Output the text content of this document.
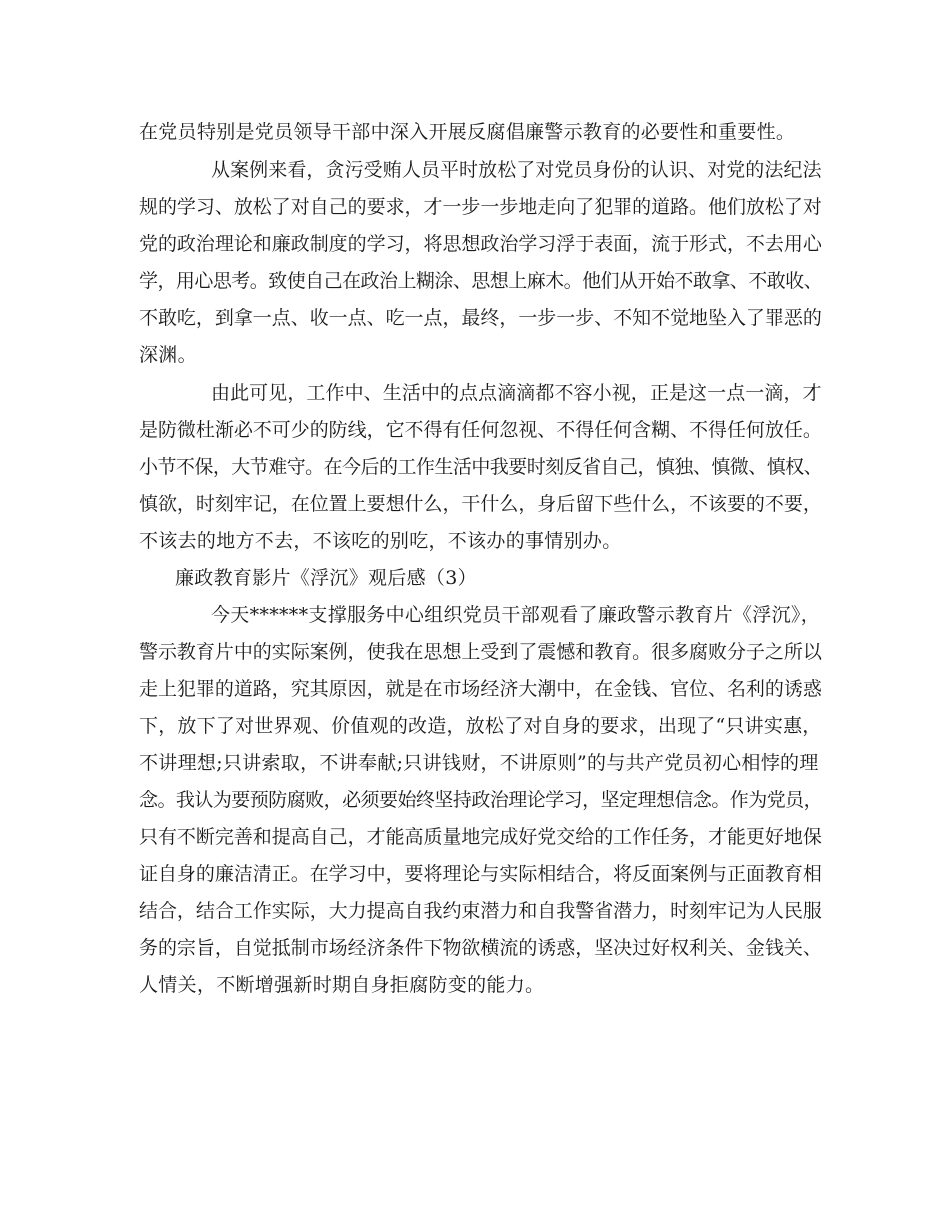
在党员特别是党员领导干部中深入开展反腐倡廉警示教育的必要性和重要性。
从案例来看，贪污受贿人员平时放松了对党员身份的认识、对党的法纪法
规的学习、放松了对自己的要求，才一步一步地走向了犯罪的道路。他们放松了对
党的政治理论和廉政制度的学习，将思想政治学习浮于表面，流于形式，不去用心
学，用心思考。致使自己在政治上糊涂、思想上麻木。他们从开始不敢拿、不敢收、
不敢吃，到拿一点、收一点、吃一点，最终，一步一步、不知不觉地坠入了罪恶的
深渊。
由此可见，工作中、生活中的点点滴滴都不容小视，正是这一点一滴，才
是防微杜渐必不可少的防线，它不得有任何忽视、不得任何含糊、不得任何放任。
小节不保，大节难守。在今后的工作生活中我要时刻反省自己，慎独、慎微、慎权、
慎欲，时刻牢记，在位置上要想什么，干什么，身后留下些什么，不该要的不要，
不该去的地方不去，不该吃的别吃，不该办的事情别办。
廉政教育影片《浮沉》观后感（3）
今天******支撑服务中心组织党员干部观看了廉政警示教育片《浮沉》，
警示教育片中的实际案例，使我在思想上受到了震憾和教育。很多腐败分子之所以
走上犯罪的道路，究其原因，就是在市场经济大潮中，在金钱、官位、名利的诱惑
下，放下了对世界观、价值观的改造，放松了对自身的要求，出现了“只讲实惠，
不讲理想;只讲索取，不讲奉献;只讲钱财，不讲原则”的与共产党员初心相悖的理
念。我认为要预防腐败，必须要始终坚持政治理论学习，坚定理想信念。作为党员，
只有不断完善和提高自己，才能高质量地完成好党交给的工作任务，才能更好地保
证自身的廉洁清正。在学习中，要将理论与实际相结合，将反面案例与正面教育相
结合，结合工作实际，大力提高自我约束潜力和自我警省潜力，时刻牢记为人民服
务的宗旨，自觉抵制市场经济条件下物欲横流的诱惑，坚决过好权利关、金钱关、
人情关，不断增强新时期自身拒腐防变的能力。
